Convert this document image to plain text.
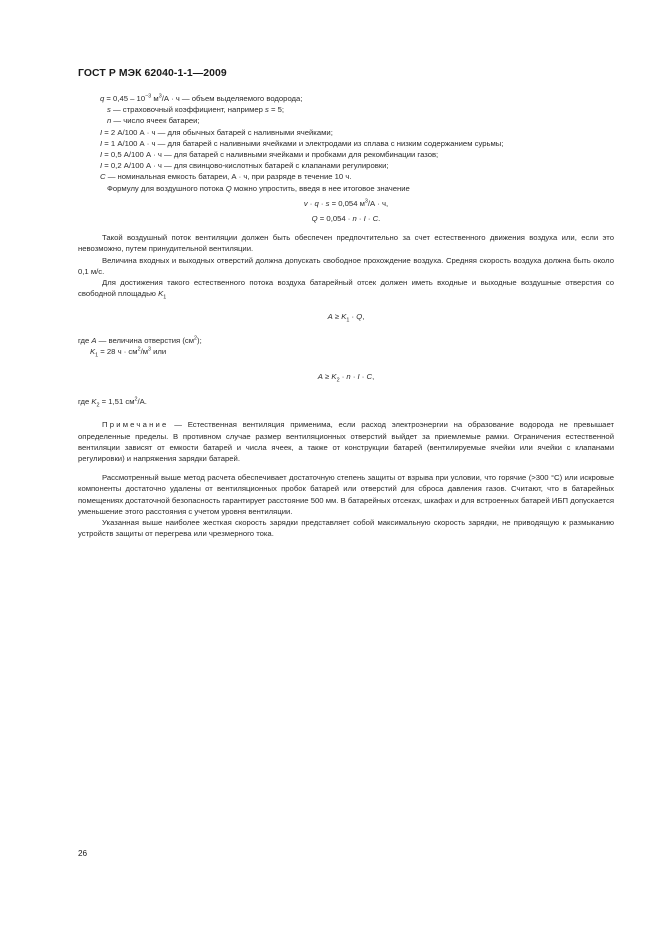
ГОСТ Р МЭК 62040-1-1—2009
$q = 0,45 - 10^{-3}$ $м^3/А \cdot ч$ — объем выделяемого водорода;
s — страховочный коэффициент, например s = 5;
n — число ячеек батареи;
I = 2 А/100 А · ч — для обычных батарей с наливными ячейками;
I = 1 А/100 А · ч — для батарей с наливными ячейками и электродами из сплава с низким содержанием сурьмы;
I = 0,5 А/100 А · ч — для батарей с наливными ячейками и пробками для рекомбинации газов;
I = 0,2 А/100 А · ч — для свинцово-кислотных батарей с клапанами регулировки;
C — номинальная емкость батареи, А · ч, при разряде в течение 10 ч.
Формулу для воздушного потока Q можно упростить, введя в нее итоговое значение
v · q · s = 0,054 $м^3/А \cdot ч$,
Q = 0,054 · n · I · C.
Такой воздушный поток вентиляции должен быть обеспечен предпочтительно за счет естественного движения воздуха или, если это невозможно, путем принудительной вентиляции.
Величина входных и выходных отверстий должна допускать свободное прохождение воздуха. Средняя скорость воздуха должна быть около 0,1 м/с.
Для достижения такого естественного потока воздуха батарейный отсек должен иметь входные и выходные воздушные отверстия со свободной площадью $K_1$
$A \ge K_1 \cdot Q$,
где A — величина отверстия $(см^2)$;
$K_1 = 28$ $ч \cdot см^2/м^3$ или
$A \ge K_2 \cdot n \cdot I \cdot C$,
где $K_2 = 1,51$ $см^2/А$.
Примечание — Естественная вентиляция применима, если расход электроэнергии на образование водорода не превышает определенные пределы. В противном случае размер вентиляционных отверстий выйдет за приемлемые рамки. Ограничения естественной вентиляции зависят от емкости батарей и числа ячеек, а также от конструкции батарей (вентилируемые ячейки или ячейки с клапанами регулировки) и напряжения зарядки батарей.
Рассмотренный выше метод расчета обеспечивает достаточную степень защиты от взрыва при условии, что горячие (>300 °С) или искровые компоненты достаточно удалены от вентиляционных пробок батарей или отверстий для сброса давления газов. Считают, что в батарейных помещениях достаточной безопасность гарантирует расстояние 500 мм. В батарейных отсеках, шкафах и для встроенных батарей ИБП допускается уменьшение этого расстояния с учетом уровня вентиляции.
Указанная выше наиболее жесткая скорость зарядки представляет собой максимальную скорость зарядки, не приводящую к размыканию устройств защиты от перегрева или чрезмерного тока.
26
